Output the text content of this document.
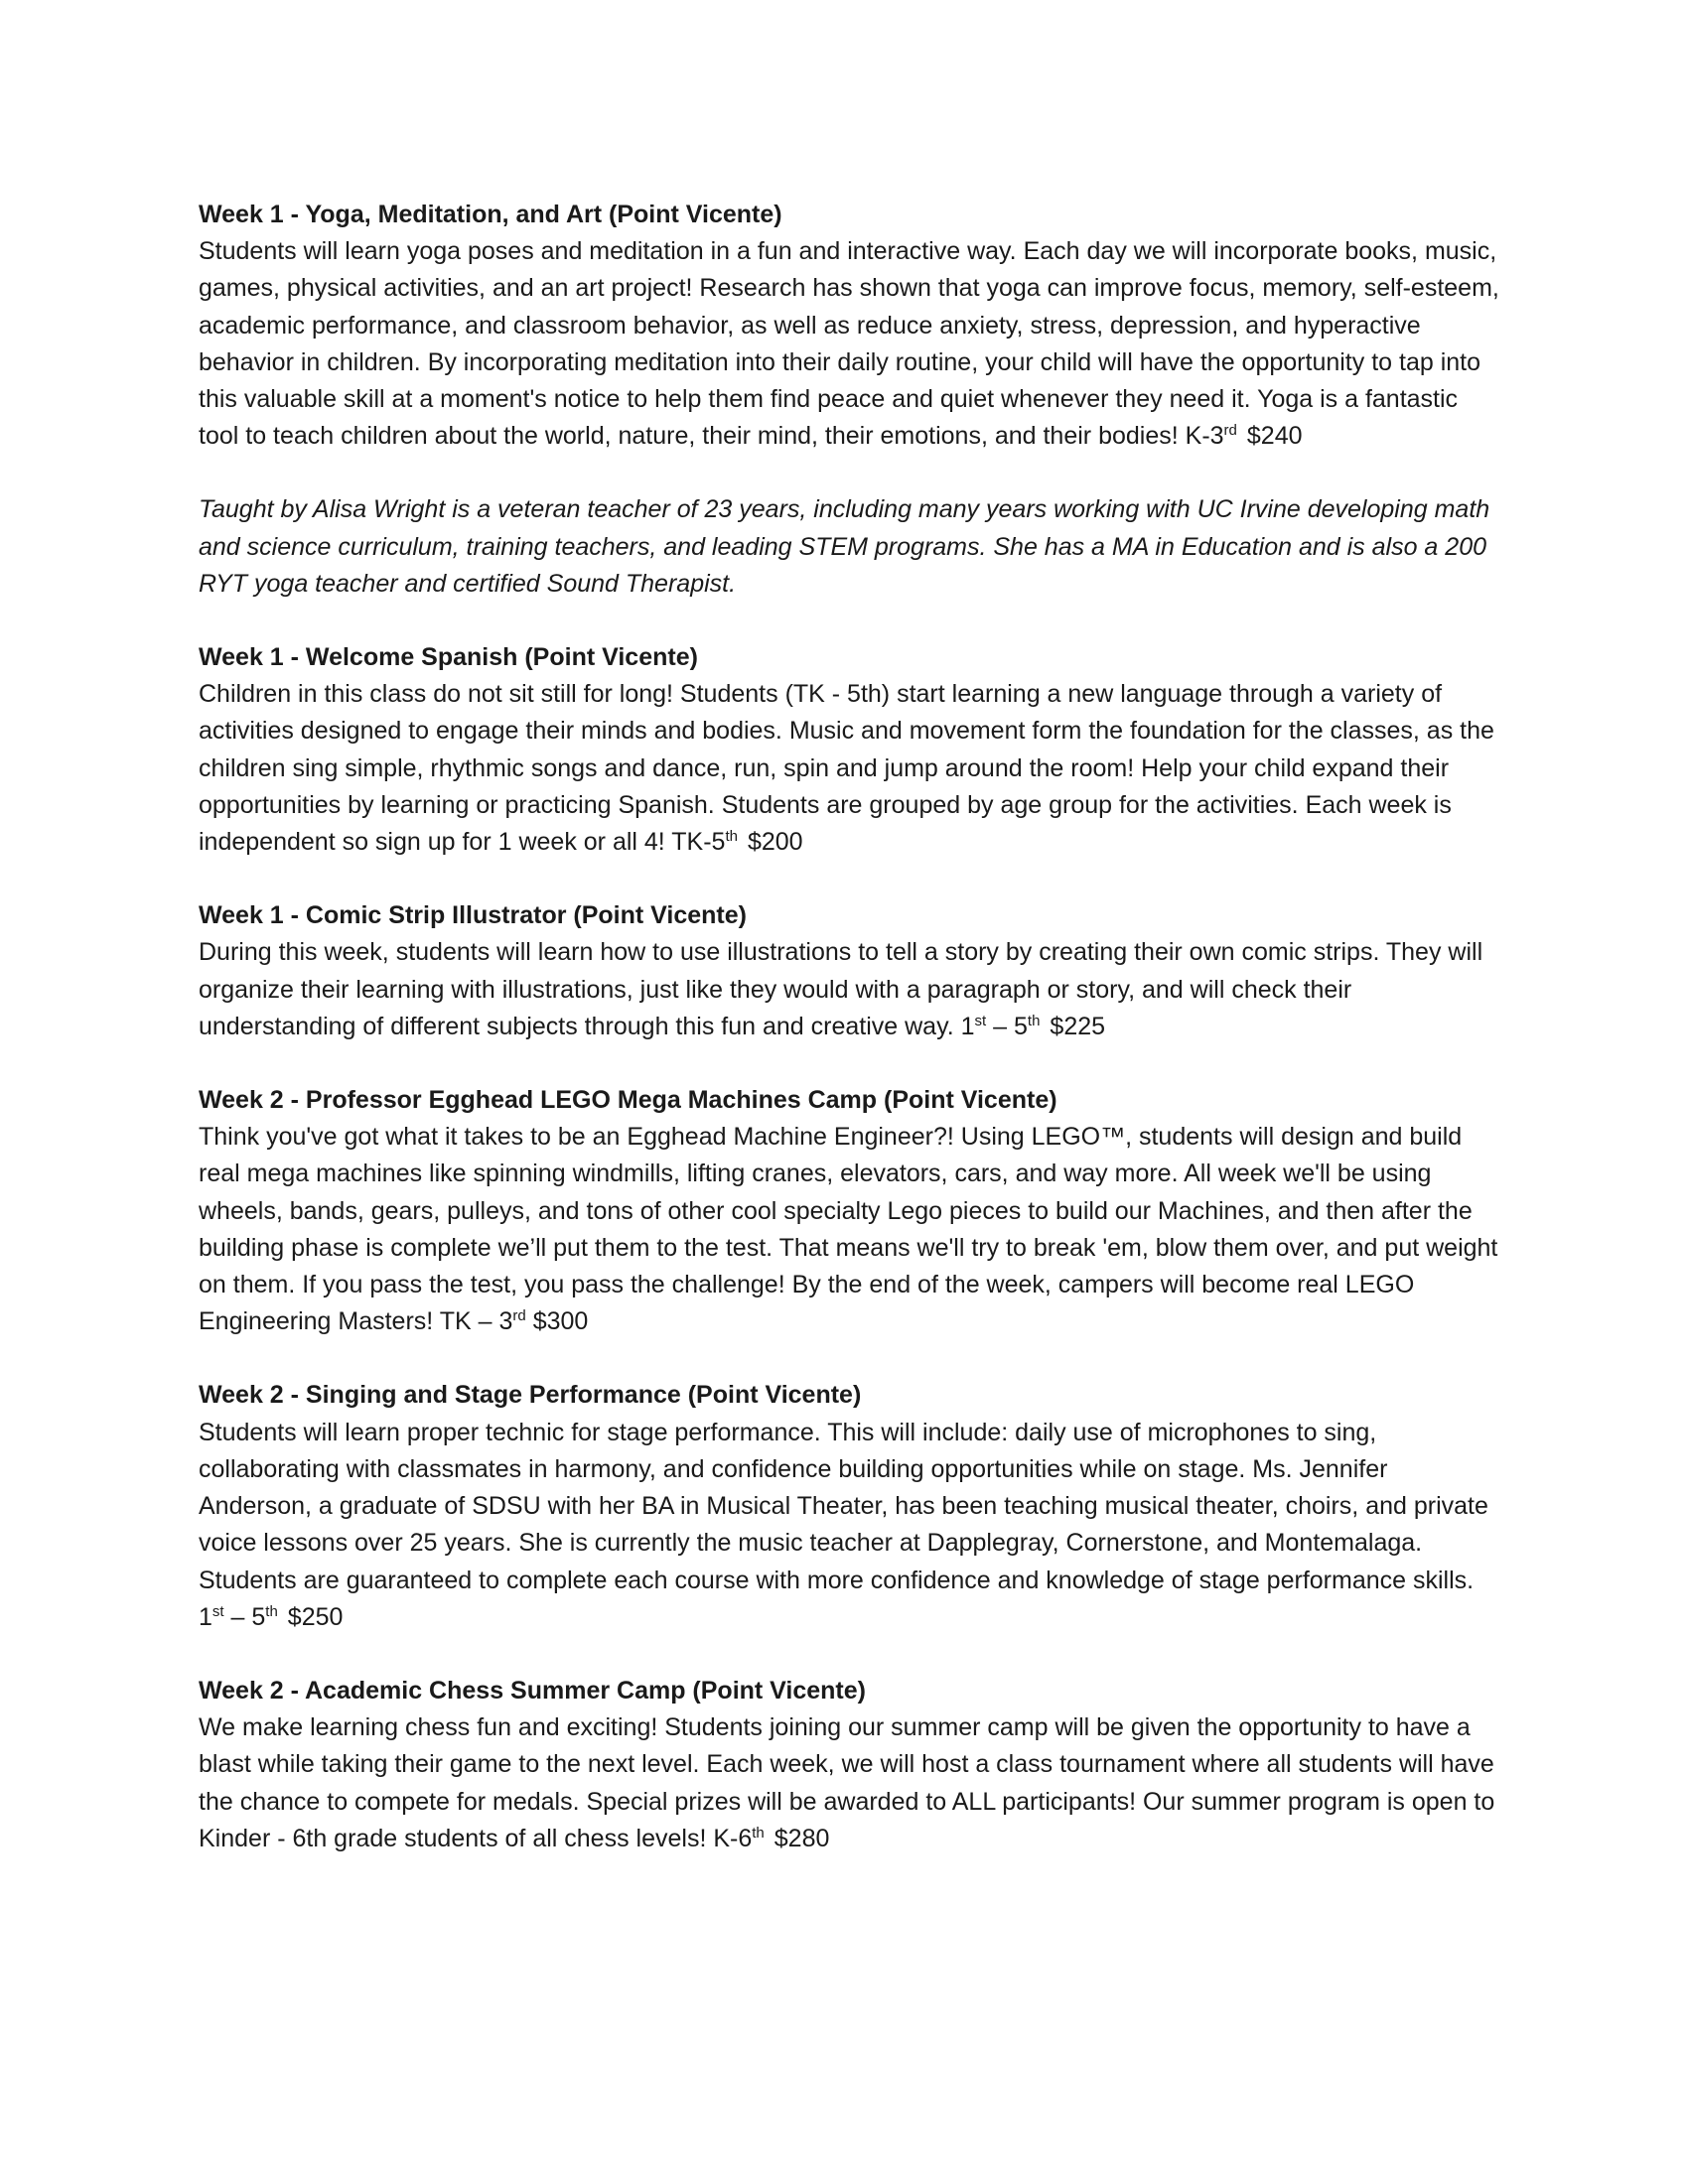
Week 1 - Yoga, Meditation, and Art (Point Vicente)

Students will learn yoga poses and meditation in a fun and interactive way. Each day we will incorporate books, music, games, physical activities, and an art project! Research has shown that yoga can improve focus, memory, self-esteem, academic performance, and classroom behavior, as well as reduce anxiety, stress, depression, and hyperactive behavior in children. By incorporating meditation into their daily routine, your child will have the opportunity to tap into this valuable skill at a moment's notice to help them find peace and quiet whenever they need it. Yoga is a fantastic tool to teach children about the world, nature, their mind, their emotions, and their bodies! K-3rd $240

Taught by Alisa Wright is a veteran teacher of 23 years, including many years working with UC Irvine developing math and science curriculum, training teachers, and leading STEM programs. She has a MA in Education and is also a 200 RYT yoga teacher and certified Sound Therapist.

Week 1 - Welcome Spanish (Point Vicente)

Children in this class do not sit still for long! Students (TK - 5th) start learning a new language through a variety of activities designed to engage their minds and bodies. Music and movement form the foundation for the classes, as the children sing simple, rhythmic songs and dance, run, spin and jump around the room! Help your child expand their opportunities by learning or practicing Spanish. Students are grouped by age group for the activities. Each week is independent so sign up for 1 week or all 4! TK-5th $200

Week 1 - Comic Strip Illustrator (Point Vicente)

During this week, students will learn how to use illustrations to tell a story by creating their own comic strips. They will organize their learning with illustrations, just like they would with a paragraph or story, and will check their understanding of different subjects through this fun and creative way. 1st – 5th $225

Week 2 - Professor Egghead LEGO Mega Machines Camp (Point Vicente)

Think you've got what it takes to be an Egghead Machine Engineer?! Using LEGO™, students will design and build real mega machines like spinning windmills, lifting cranes, elevators, cars, and way more. All week we'll be using wheels, bands, gears, pulleys, and tons of other cool specialty Lego pieces to build our Machines, and then after the building phase is complete we’ll put them to the test. That means we'll try to break 'em, blow them over, and put weight on them. If you pass the test, you pass the challenge! By the end of the week, campers will become real LEGO Engineering Masters! TK – 3rd $300

Week 2 - Singing and Stage Performance (Point Vicente)

Students will learn proper technic for stage performance. This will include: daily use of microphones to sing, collaborating with classmates in harmony, and confidence building opportunities while on stage. Ms. Jennifer Anderson, a graduate of SDSU with her BA in Musical Theater, has been teaching musical theater, choirs, and private voice lessons over 25 years. She is currently the music teacher at Dapplegray, Cornerstone, and Montemalaga. Students are guaranteed to complete each course with more confidence and knowledge of stage performance skills. 1st – 5th $250

Week 2 - Academic Chess Summer Camp (Point Vicente)

We make learning chess fun and exciting! Students joining our summer camp will be given the opportunity to have a blast while taking their game to the next level. Each week, we will host a class tournament where all students will have the chance to compete for medals. Special prizes will be awarded to ALL participants! Our summer program is open to Kinder - 6th grade students of all chess levels! K-6th $280
